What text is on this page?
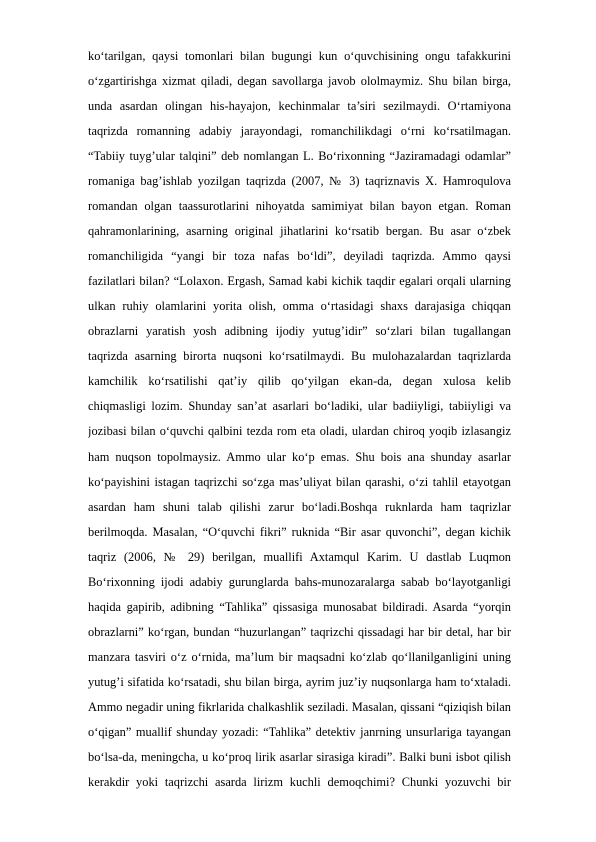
ko‘tarilgan, qaysi tomonlari bilan bugungi kun o‘quvchisining ongu tafakkurini
o‘zgartirishga xizmat qiladi, degan savollarga javob ololmaymiz. Shu bilan birga,
unda asardan olingan his-hayajon, kechinmalar ta’siri sezilmaydi. O‘rtamiyona
taqrizda romanning adabiy jarayondagi, romanchilikdagi o‘rni ko‘rsatilmagan.
“Tabiiy tuyg’ular talqini” deb nomlangan L. Bo‘rixonning “Jaziramadagi odamlar”
romaniga bag’ishlab yozilgan taqrizda (2007, № 3) taqriznavis X. Hamroqulova
romandan olgan taassurotlarini nihoyatda samimiyat bilan bayon etgan. Roman
qahramonlarining, asarning original jihatlarini ko‘rsatib bergan. Bu asar o‘zbek
romanchiligida “yangi bir toza nafas bo‘ldi”, deyiladi taqrizda. Ammo qaysi
fazilatlari bilan? “Lolaxon. Ergash, Samad kabi kichik taqdir egalari orqali ularning
ulkan ruhiy olamlarini yorita olish, omma o‘rtasidagi shaxs darajasiga chiqqan
obrazlarni yaratish yosh adibning ijodiy yutug’idir” so‘zlari bilan tugallangan
taqrizda asarning birorta nuqsoni ko‘rsatilmaydi. Bu mulohazalardan taqrizlarda
kamchilik ko‘rsatilishi qat’iy qilib qo‘yilgan ekan-da, degan xulosa kelib
chiqmasligi lozim. Shunday san’at asarlari bo‘ladiki, ular badiiyligi, tabiiyligi va
jozibasi bilan o‘quvchi qalbini tezda rom eta oladi, ulardan chiroq yoqib izlasangiz
ham nuqson topolmaysiz. Ammo ular ko‘p emas. Shu bois ana shunday asarlar
ko‘payishini istagan taqrizchi so‘zga mas’uliyat bilan qarashi, o‘zi tahlil etayotgan
asardan ham shuni talab qilishi zarur bo‘ladi.Boshqa ruknlarda ham taqrizlar
berilmoqda. Masalan, “O‘quvchi fikri” ruknida “Bir asar quvonchi”, degan kichik
taqriz (2006, № 29) berilgan, muallifi Axtamqul Karim. U dastlab Luqmon
Bo‘rixonning ijodi adabiy gurunglarda bahs-munozaralarga sabab bo‘layotganligi
haqida gapirib, adibning “Tahlika” qissasiga munosabat bildiradi. Asarda “yorqin
obrazlarni” ko‘rgan, bundan “huzurlangan” taqrizchi qissadagi har bir detal, har bir
manzara tasviri o‘z o‘rnida, ma’lum bir maqsadni ko‘zlab qo‘llanilganligini uning
yutug’i sifatida ko‘rsatadi, shu bilan birga, ayrim juz’iy nuqsonlarga ham to‘xtaladi.
Ammo negadir uning fikrlarida chalkashlik seziladi. Masalan, qissani “qiziqish bilan
o‘qigan” muallif shunday yozadi: “Tahlika” detektiv janrning unsurlariga tayangan
bo‘lsa-da, meningcha, u ko‘proq lirik asarlar sirasiga kiradi”. Balki buni isbot qilish
kerakdir yoki taqrizchi asarda lirizm kuchli demoqchimi? Chunki yozuvchi bir
